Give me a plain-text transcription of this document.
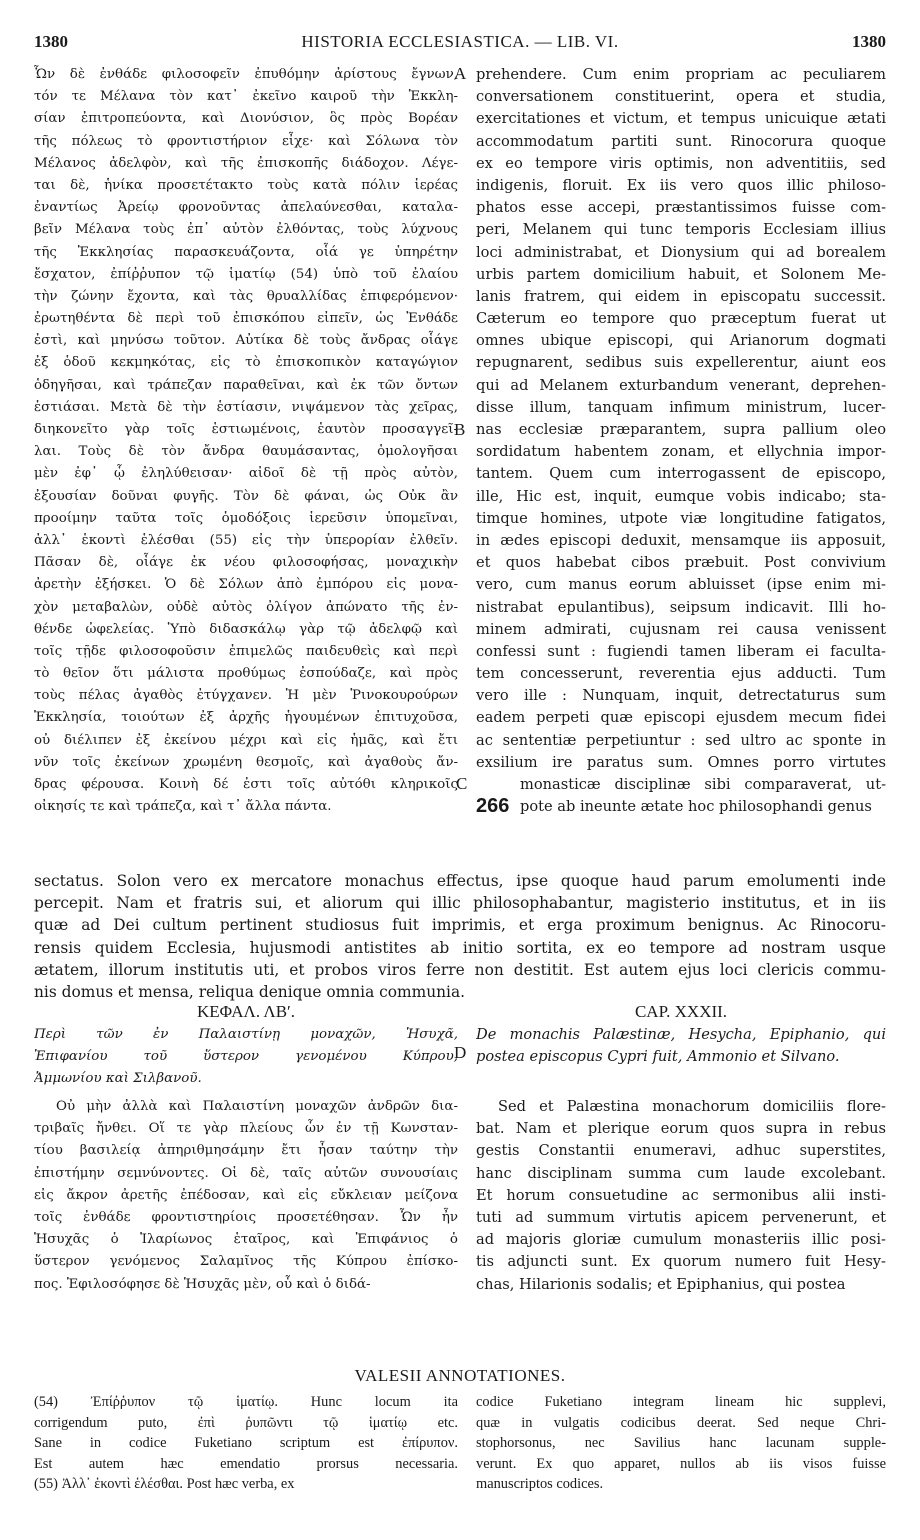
1380	HISTORIA ECCLESIASTICA. — LIB. VI.	1380
Ὧν δὲ ἐνθάδε φιλοσοφεῖν ἐπυθόμην ἀρίστους ἔγνων,
τόν τε Μέλανα τὸν κατ᾽ ἐκεῖνο καιροῦ τὴν Ἐκκλη-
σίαν ἐπιτροπεύοντα, καὶ Διονύσιον, ὃς πρὸς Βορέαν
τῆς πόλεως τὸ φροντιστήριον εἶχε· καὶ Σόλωνα τὸν
Μέλανος ἀδελφὸν, καὶ τῆς ἐπισκοπῆς διάδοχον. Λέγε-
ται δὲ, ἡνίκα προσετέτακτο τοὺς κατὰ πόλιν ἱερέας
ἐναντίως Ἀρείῳ φρονοῦντας ἀπελαύνεσθαι, καταλα-
βεῖν Μέλανα τοὺς ἐπ᾽ αὐτὸν ἐλθόντας, τοὺς λύχνους
τῆς Ἐκκλησίας παρασκευάζοντα, οἷά γε ὑπηρέτην
ἔσχατον, ἐπίῤῥυπον τῷ ἱματίῳ (54) ὑπὸ τοῦ ἐλαίου
τὴν ζώνην ἔχοντα, καὶ τὰς θρυαλλίδας ἐπιφερόμενον·
ἐρωτηθέντα δὲ περὶ τοῦ ἐπισκόπου εἰπεῖν, ὡς Ἐνθάδε
ἐστὶ, καὶ μηνύσω τοῦτον. Αὐτίκα δὲ τοὺς ἄνδρας οἷάγε
ἐξ ὁδοῦ κεκμηκότας, εἰς τὸ ἐπισκοπικὸν καταγώγιον
ὁδηγῆσαι, καὶ τράπεζαν παραθεῖναι, καὶ ἐκ τῶν ὄντων
ἑστιάσαι. Μετὰ δὲ τὴν ἑστίασιν, νιψάμενον τὰς χεῖρας,
διηκονεῖτο γὰρ τοῖς ἑστιωμένοις, ἑαυτὸν προσαγγεῖ-
λαι. Τοὺς δὲ τὸν ἄνδρα θαυμάσαντας, ὁμολογῆσαι
μὲν ἐφ᾽ ᾧ ἐληλύθεισαν· αἰδοῖ δὲ τῇ πρὸς αὐτὸν,
ἐξουσίαν δοῦναι φυγῆς. Τὸν δὲ φάναι, ὡς Οὐκ ἂν
προοίμην ταῦτα τοῖς ὁμοδόξοις ἱερεῦσιν ὑπομεῖναι,
ἀλλ᾽ ἑκοντὶ ἑλέσθαι (55) εἰς τὴν ὑπερορίαν ἐλθεῖν.
Πᾶσαν δὲ, οἷάγε ἐκ νέου φιλοσοφήσας, μοναχικὴν
ἀρετὴν ἐξήσκει. Ὁ δὲ Σόλων ἀπὸ ἐμπόρου εἰς μονα-
χὸν μεταβαλὼν, οὐδὲ αὐτὸς ὀλίγον ἀπώνατο τῆς ἐν-
θένδε ὠφελείας. Ὑπὸ διδασκάλῳ γὰρ τῷ ἀδελφῷ καὶ
τοῖς τῇδε φιλοσοφοῦσιν ἐπιμελῶς παιδευθεὶς καὶ περὶ
τὸ θεῖον ὅτι μάλιστα προθύμως ἐσπούδαζε, καὶ πρὸς
τοὺς πέλας ἀγαθὸς ἐτύγχανεν. Ἡ μὲν Ῥινοκουρούρων
Ἐκκλησία, τοιούτων ἐξ ἀρχῆς ἡγουμένων ἐπιτυχοῦσα,
οὐ διέλιπεν ἐξ ἐκείνου μέχρι καὶ εἰς ἡμᾶς, καὶ ἔτι
νῦν τοῖς ἐκείνων χρωμένη θεσμοῖς, καὶ ἀγαθοὺς ἄν-
δρας φέρουσα. Κοινὴ δέ ἐστι τοῖς αὐτόθι κληρικοῖς
οἰκησίς τε καὶ τράπεζα, καὶ τ᾽ ἄλλα πάντα.
prehendere. Cum enim propriam ac peculiarem
conversationem constituerint, opera et studia,
exercitationes et victum, et tempus unicuique ætati
accommodatum partiti sunt. Rinocorura quoque
ex eo tempore viris optimis, non adventitiis, sed
indigenis, floruit. Ex iis vero quos illic philoso-
phatos esse accepi, præstantissimos fuisse com-
peri, Melanem qui tunc temporis Ecclesiam illius
loci administrabat, et Dionysium qui ad borealem
urbis partem domicilium habuit, et Solonem Me-
lanis fratrem, qui eidem in episcopatu successit.
Cæterum eo tempore quo præceptum fuerat ut
omnes ubique episcopi, qui Arianorum dogmati
repugnarent, sedibus suis expellerentur, aiunt eos
qui ad Melanem exturbandum venerant, deprehen-
disse illum, tanquam infimum ministrum, lucer-
nas ecclesiæ præparantem, supra pallium oleo
sordidatum habentem zonam, et ellychnia impor-
tantem. Quem cum interrogassent de episcopo,
ille, Hic est, inquit, eumque vobis indicabo; sta-
timque homines, utpote viæ longitudine fatigatos,
in ædes episcopi deduxit, mensamque iis apposuit,
et quos habebat cibos præbuit. Post convivium
vero, cum manus eorum abluisset (ipse enim mi-
nistrabat epulantibus), seipsum indicavit. Illi ho-
minem admirati, cujusnam rei causa venissent
confessi sunt : fugiendi tamen liberam ei faculta-
tem concesserunt, reverentia ejus adducti. Tum
vero ille : Nunquam, inquit, detrectaturus sum
eadem perpeti quæ episcopi ejusdem mecum fidei
ac sententiæ perpetiuntur : sed ultro ac sponte in
exsilium ire paratus sum. Omnes porro virtutes
monasticæ disciplinæ sibi comparaverat, ut-
pote ab ineunte ætate hoc philosophandi genus
A
B
C
D
266
sectatus. Solon vero ex mercatore monachus effectus, ipse quoque haud parum emolumenti inde
percepit. Nam et fratris sui, et aliorum qui illic philosophabantur, magisterio institutus, et in iis
quæ ad Dei cultum pertinent studiosus fuit imprimis, et erga proximum benignus. Ac Rinocoru-
rensis quidem Ecclesia, hujusmodi antistites ab initio sortita, ex eo tempore ad nostram usque
ætatem, illorum institutis uti, et probos viros ferre non destitit. Est autem ejus loci clericis commu-
nis domus et mensa, reliqua denique omnia communia.
ΚΕΦΑΛ. ΛΒʹ.	CAP. XXXII.
Περὶ τῶν ἐν Παλαιστίνῃ μοναχῶν, Ἡσυχᾶ,
Ἐπιφανίου τοῦ ὕστερον γενομένου Κύπρου,
Ἀμμωνίου καὶ Σιλβανοῦ.
De monachis Palæstinæ, Hesycha, Epiphanio, qui
postea episcopus Cypri fuit, Ammonio et Silvano.
Οὐ μὴν ἀλλὰ καὶ Παλαιστίνη μοναχῶν ἀνδρῶν δια-
τριβαῖς ἤνθει. Οἵ τε γὰρ πλείους ὧν ἐν τῇ Κωνσταν-
τίου βασιλείᾳ ἀπηριθμησάμην ἔτι ἦσαν ταύτην τὴν
ἐπιστήμην σεμνύνοντες. Οἱ δὲ, ταῖς αὐτῶν συνουσίαις
εἰς ἄκρον ἀρετῆς ἐπέδοσαν, καὶ εἰς εὔκλειαν μείζονα
τοῖς ἐνθάδε φροντιστηρίοις προσετέθησαν. Ὧν ἦν
Ἡσυχᾶς ὁ Ἱλαρίωνος ἑταῖρος, καὶ Ἐπιφάνιος ὁ
ὕστερον γενόμενος Σαλαμῖνος τῆς Κύπρου ἐπίσκο-
πος. Ἐφιλοσόφησε δὲ Ἡσυχᾶς μὲν, οὗ καὶ ὁ διδά-
Sed et Palæstina monachorum domiciliis flore-
bat. Nam et plerique eorum quos supra in rebus
gestis Constantii enumeravi, adhuc superstites,
hanc disciplinam summa cum laude excolebant.
Et horum consuetudine ac sermonibus alii insti-
tuti ad summum virtutis apicem pervenerunt, et
ad majoris gloriæ cumulum monasteriis illic posi-
tis adjuncti sunt. Ex quorum numero fuit Hesy-
chas, Hilarionis sodalis; et Epiphanius, qui postea
VALESII ANNOTATIONES.
(54) Ἐπίῤῥυπον τῷ ἱματίῳ. Hunc locum ita
corrigendum puto, ἐπὶ ῥυπῶντι τῷ ἱματίῳ etc.
Sane in codice Fuketiano scriptum est ἐπίρυπον.
Est autem hæc emendatio prorsus necessaria.
(55) Ἀλλ᾽ ἑκοντὶ ἑλέσθαι. Post hæc verba, ex
codice Fuketiano integram lineam hic supplevi,
quæ in vulgatis codicibus deerat. Sed neque Chri-
stophorsonus, nec Savilius hanc lacunam supple-
verunt. Ex quo apparet, nullos ab iis visos fuisse
manuscriptos codices.
